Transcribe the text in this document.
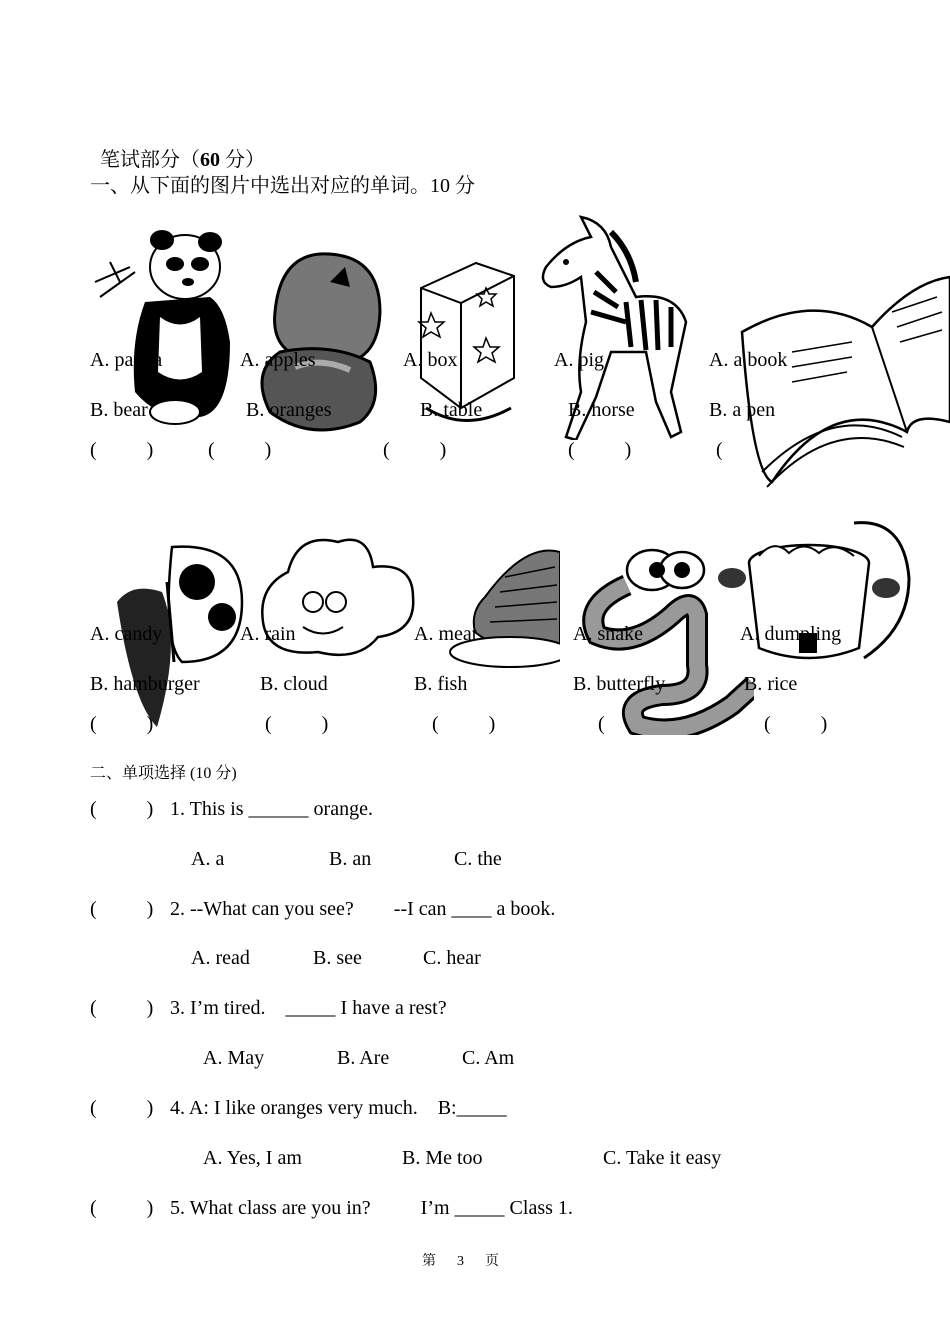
笔试部分（60 分）

一、从下面的图片中选出对应的单词。10 分
A. panda	A. apples	A. box	A. pig	A. a book
B. bear	B. oranges	B. table	B. horse	B. a pen
(          )	(          )	(          )	(          )	(
A. candy	A. rain	A. meat	A. snake	A. dumpling
B. hamburger	B. cloud	B. fish	B. butterfly	B. rice
(          )	(          )	(          )	(	(          )
二、单项选择 (10 分)
(          ) 1. This is ______ orange.
A. a	B. an	C. the
(          ) 2. --What can you see?        --I can ____ a book.
A. read	B. see	C. hear
(          ) 3. I’m tired.    _____ I have a rest?
A. May	B. Are	C. Am
(          ) 4. A: I like oranges very much.    B:_____
A. Yes, I am	B. Me too	C. Take it easy
(          ) 5. What class are you in?          I’m _____ Class 1.
第      3      页
